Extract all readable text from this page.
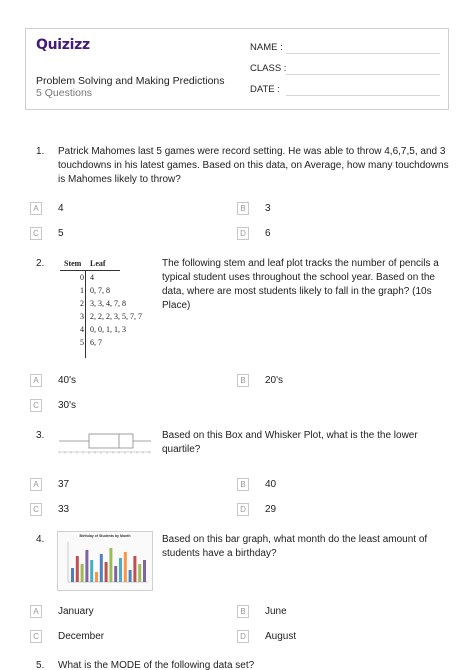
Quizizz
Problem Solving and Making Predictions
5 Questions
NAME :
CLASS :
DATE :
1. Patrick Mahomes last 5 games were record setting. He was able to throw 4,6,7,5, and 3
touchdowns in his latest games. Based on this data, on Average, how many touchdowns
is Mahomes likely to throw?
A	4	B	3
C	5	D	6
2. Stem Leaf
0 4
1 0, 7, 8
2 3, 3, 4, 7, 8
3 2, 2, 2, 3, 5, 7, 7
4 0, 0, 1, 1, 3
5 6, 7
The following stem and leaf plot tracks the number of pencils a
typical student uses throughout the school year. Based on the
data, where are most students likely to fall in the graph? (10s
Place)
A	40's	B	20's
C	30's
3.	Based on this Box and Whisker Plot, what is the the lower
quartile?
A	37	B	40
C	33	D	29
4.	Birthday of Students by Month	Based on this bar graph, what month do the least amount of
students have a birthday?
A	January	B	June
C	December	D	August
5. What is the MODE of the following data set?
